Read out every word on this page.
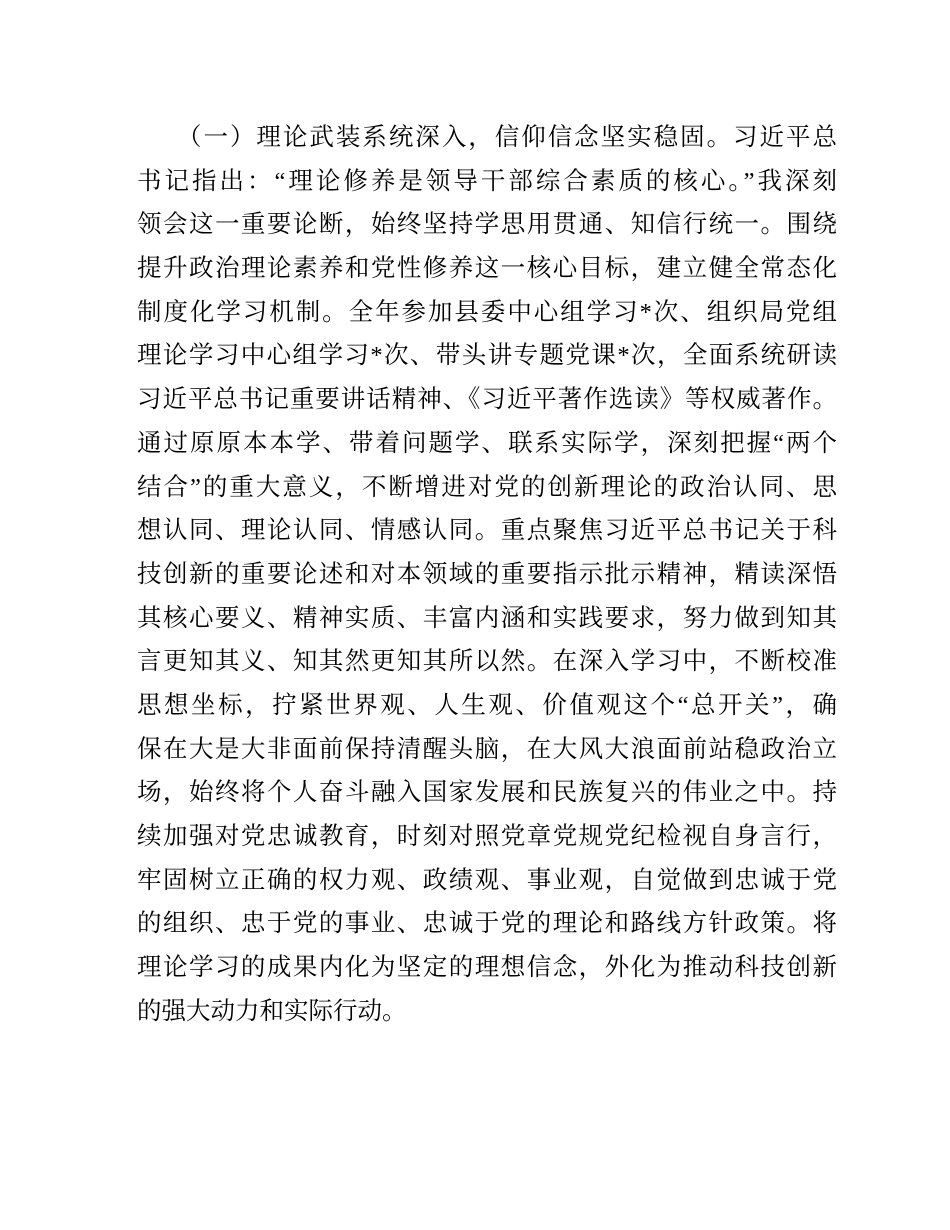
（一）理论武装系统深入，信仰信念坚实稳固。习近平总
书记指出：“理论修养是领导干部综合素质的核心。”我深刻
领会这一重要论断，始终坚持学思用贯通、知信行统一。围绕
提升政治理论素养和党性修养这一核心目标，建立健全常态化
制度化学习机制。全年参加县委中心组学习*次、组织局党组
理论学习中心组学习*次、带头讲专题党课*次，全面系统研读
习近平总书记重要讲话精神、《习近平著作选读》等权威著作。
通过原原本本学、带着问题学、联系实际学，深刻把握“两个
结合”的重大意义，不断增进对党的创新理论的政治认同、思
想认同、理论认同、情感认同。重点聚焦习近平总书记关于科
技创新的重要论述和对本领域的重要指示批示精神，精读深悟
其核心要义、精神实质、丰富内涵和实践要求，努力做到知其
言更知其义、知其然更知其所以然。在深入学习中，不断校准
思想坐标，拧紧世界观、人生观、价值观这个“总开关”，确
保在大是大非面前保持清醒头脑，在大风大浪面前站稳政治立
场，始终将个人奋斗融入国家发展和民族复兴的伟业之中。持
续加强对党忠诚教育，时刻对照党章党规党纪检视自身言行，
牢固树立正确的权力观、政绩观、事业观，自觉做到忠诚于党
的组织、忠于党的事业、忠诚于党的理论和路线方针政策。将
理论学习的成果内化为坚定的理想信念，外化为推动科技创新
的强大动力和实际行动。
